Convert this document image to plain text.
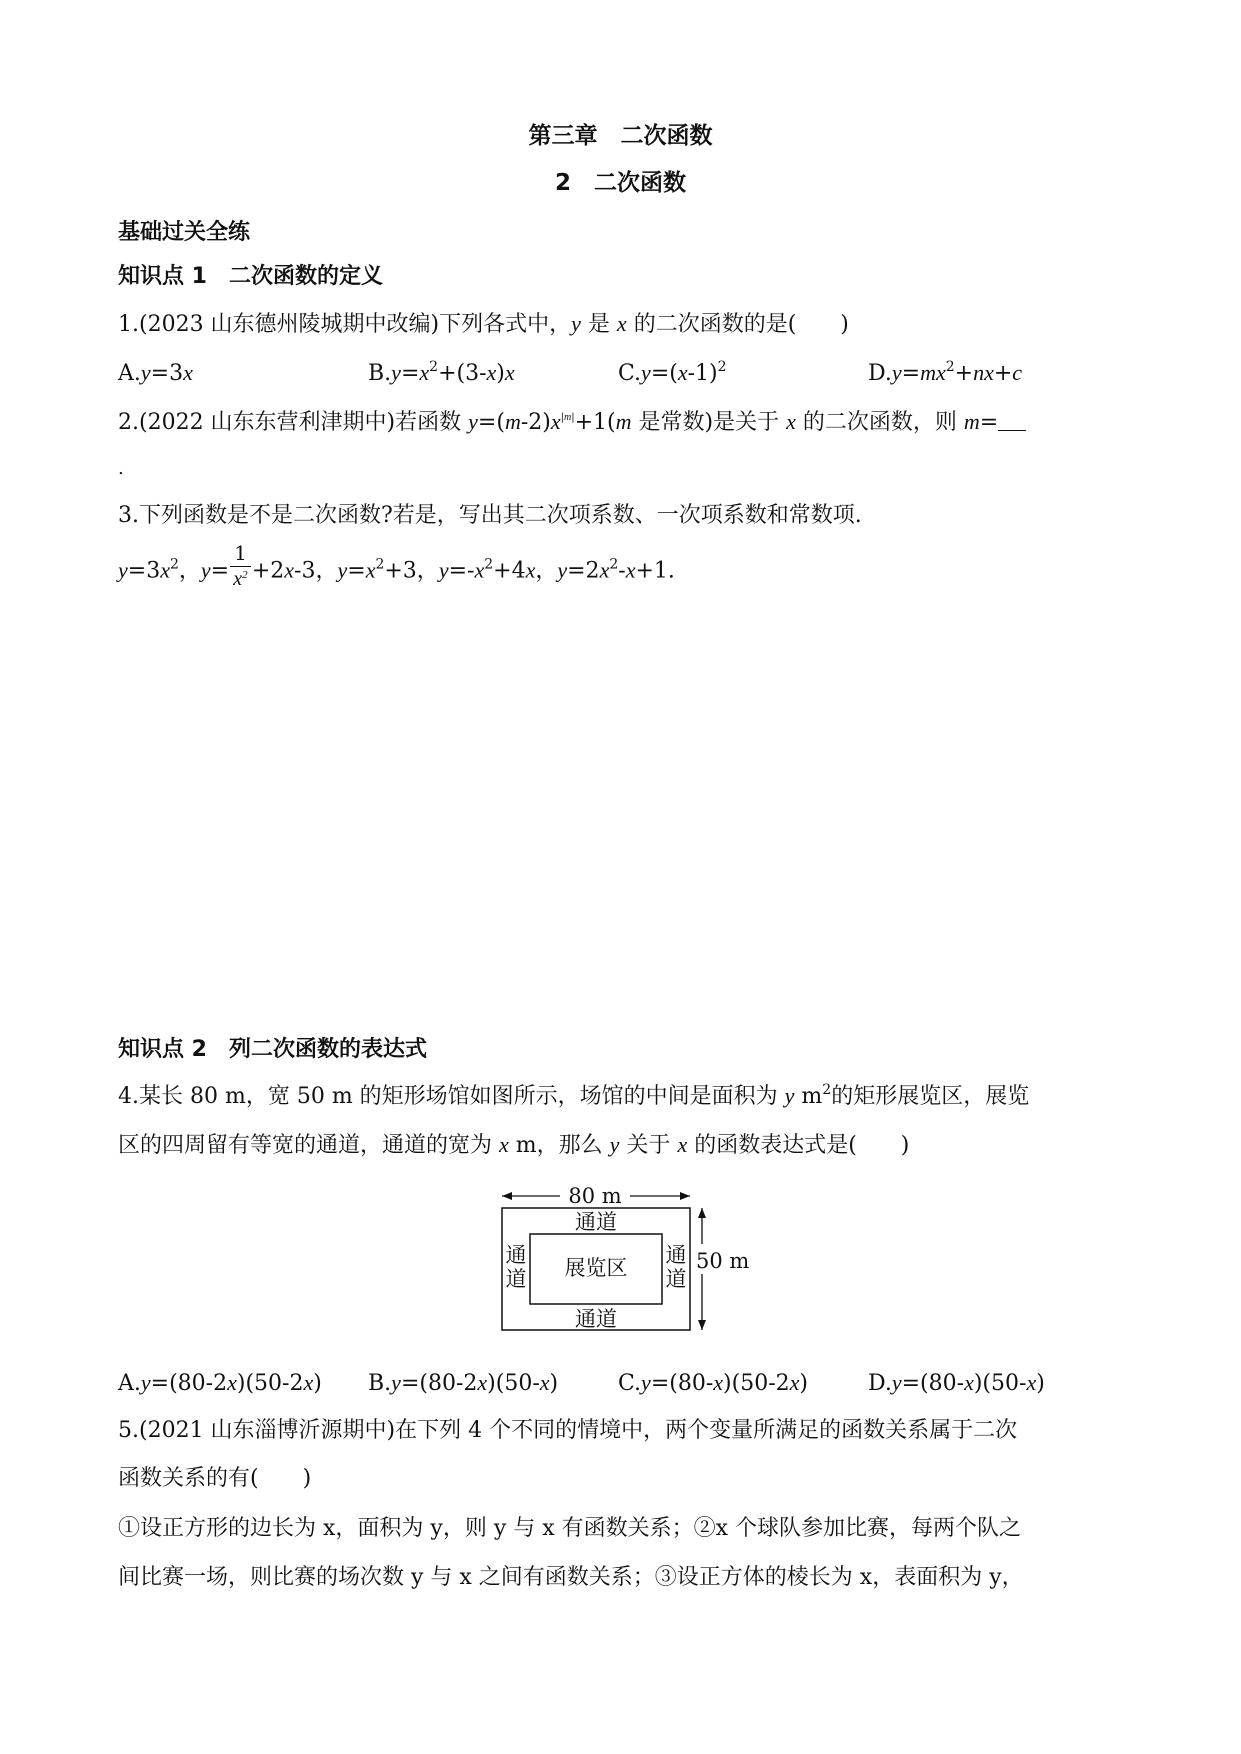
第三章　二次函数
2　二次函数
基础过关全练
知识点 1　二次函数的定义
1.(2023 山东德州陵城期中改编)下列各式中，y 是 x 的二次函数的是(　　)
A.y=3x	$B.y=x^2+(3-x)x$	$C.y=(x-1)^2$	$D.y=mx^2+nx+c$
2.(2022 山东东营利津期中)若函数 $y=(m-2)x^{|m|}+1(m$ 是常数)是关于 x 的二次函数，则 m=
.
3.下列函数是不是二次函数?若是，写出其二次项系数、一次项系数和常数项.
$y=3x^2$，$y= \frac{1}{x^2} +2x-3$，$y=x^2+3$，$y=-x^2+4x$，$y=2x^2-x+1$.
知识点 2　列二次函数的表达式
4.某长 80 m，宽 50 m 的矩形场馆如图所示，场馆的中间是面积为 y $m^2$的矩形展览区，展览
区的四周留有等宽的通道，通道的宽为 x m，那么 y 关于 x 的函数表达式是(　　)
80 m
50 m
展览区
通道
通道
通
道
通
道
A.y=(80-2x)(50-2x) B.y=(80-2x)(50-x)	C.y=(80-x)(50-2x)	D.y=(80-x)(50-x)
5.(2021 山东淄博沂源期中)在下列 4 个不同的情境中，两个变量所满足的函数关系属于二次
函数关系的有(　　)
①设正方形的边长为 x，面积为 y，则 y 与 x 有函数关系；②x 个球队参加比赛，每两个队之
间比赛一场，则比赛的场次数 y 与 x 之间有函数关系；③设正方体的棱长为 x，表面积为 y，
